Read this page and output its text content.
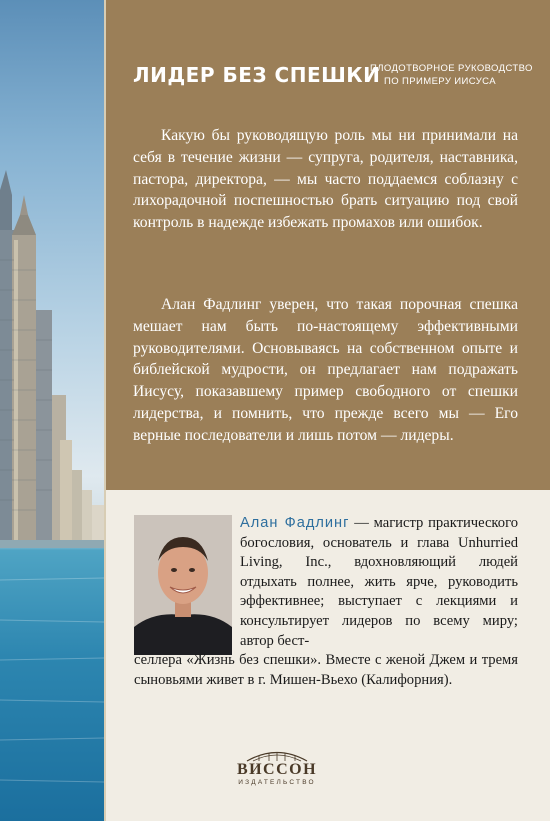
ЛИДЕР БЕЗ СПЕШКИ
ПЛОДОТВОРНОЕ РУКОВОДСТВО
ПО ПРИМЕРУ ИИСУСА

Какую бы руководящую роль мы ни принимали на себя в течение жизни — супруга, родителя, наставника, пастора, директора, — мы часто поддаемся соблазну с лихорадочной поспешностью брать ситуацию под свой контроль в надежде избежать промахов или ошибок.

Алан Фадлинг уверен, что такая порочная спешка мешает нам быть по-настоящему эффективными руководителями. Основываясь на собственном опыте и библейской мудрости, он предлагает нам подражать Иисусу, показавшему пример свободного от спешки лидерства, и помнить, что прежде всего мы — Его верные последователи и лишь потом — лидеры.

Алан Фадлинг — магистр практического богословия, основатель и глава Unhurried Living, Inc., вдохновляющий людей отдыхать полнее, жить ярче, руководить эффективнее; выступает с лекциями и консультирует лидеров по всему миру; автор бест-
селлера «Жизнь без спешки». Вместе с женой Джем и тремя сыновьями живет в г. Мишен-Вьехо (Калифорния).

ВИССОН
ИЗДАТЕЛЬСТВО
